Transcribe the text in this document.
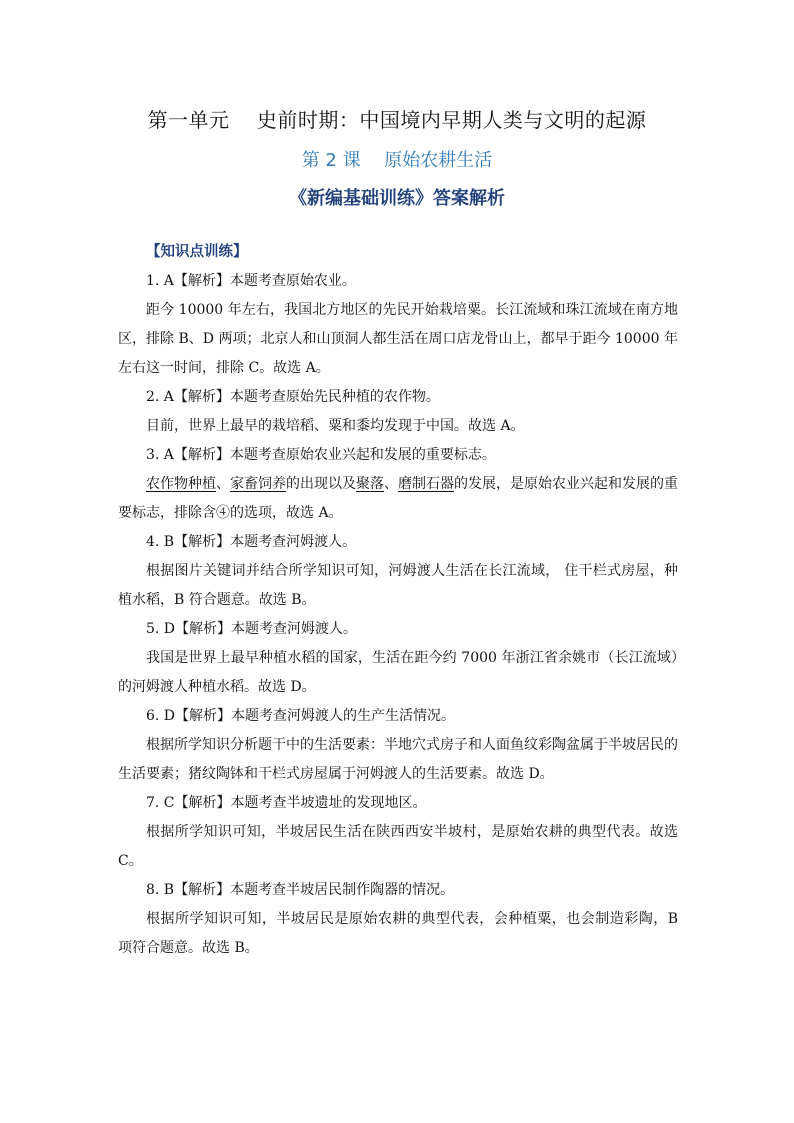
第一单元　 史前时期：中国境内早期人类与文明的起源
第 2 课　 原始农耕生活
《新编基础训练》答案解析
【知识点训练】

1. A【解析】本题考查原始农业。

距今 10000 年左右，我国北方地区的先民开始栽培粟。长江流域和珠江流域在南方地区，排除 B、D 两项；北京人和山顶洞人都生活在周口店龙骨山上，都早于距今 10000 年左右这一时间，排除 C。故选 A。

2. A【解析】本题考查原始先民种植的农作物。

目前，世界上最早的栽培稻、粟和黍均发现于中国。故选 A。

3. A【解析】本题考查原始农业兴起和发展的重要标志。

农作物种植、家畜饲养的出现以及聚落、磨制石器的发展，是原始农业兴起和发展的重要标志，排除含④的选项，故选 A。

4. B【解析】本题考查河姆渡人。

根据图片关键词并结合所学知识可知，河姆渡人生活在长江流域， 住干栏式房屋，种植水稻，B 符合题意。故选 B。

5. D【解析】本题考查河姆渡人。

我国是世界上最早种植水稻的国家，生活在距今约 7000 年浙江省余姚市（长江流域）的河姆渡人种植水稻。故选 D。

6. D【解析】本题考查河姆渡人的生产生活情况。

根据所学知识分析题干中的生活要素：半地穴式房子和人面鱼纹彩陶盆属于半坡居民的生活要素；猪纹陶钵和干栏式房屋属于河姆渡人的生活要素。故选 D。

7. C【解析】本题考查半坡遗址的发现地区。

根据所学知识可知，半坡居民生活在陕西西安半坡村，是原始农耕的典型代表。故选 C。

8. B【解析】本题考查半坡居民制作陶器的情况。

根据所学知识可知，半坡居民是原始农耕的典型代表，会种植粟，也会制造彩陶，B 项符合题意。故选 B。
